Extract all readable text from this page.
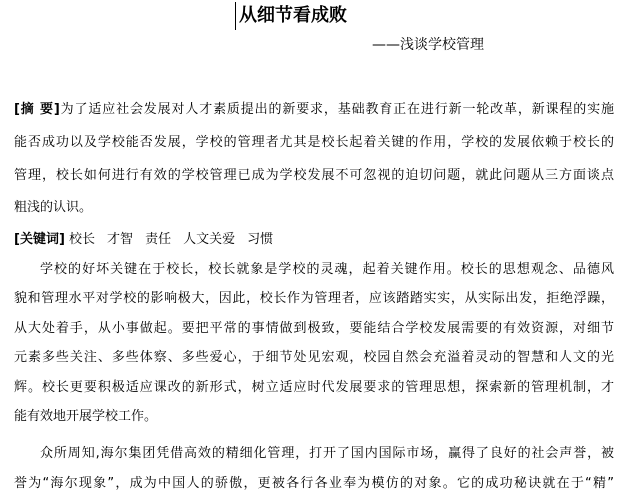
从细节看成败
——浅谈学校管理
[摘 要]为了适应社会发展对人才素质提出的新要求，基础教育正在进行新一轮改革，新课程的实施
能否成功以及学校能否发展，学校的管理者尤其是校长起着关键的作用，学校的发展依赖于校长的
管理，校长如何进行有效的学校管理已成为学校发展不可忽视的迫切问题，就此问题从三方面谈点
粗浅的认识。
[关键词] 校长 才智 责任 人文关爱 习惯
学校的好坏关键在于校长，校长就象是学校的灵魂，起着关键作用。校长的思想观念、品德风
貌和管理水平对学校的影响极大，因此，校长作为管理者，应该踏踏实实，从实际出发，拒绝浮躁，
从大处着手，从小事做起。要把平常的事情做到极致，要能结合学校发展需要的有效资源，对细节
元素多些关注、多些体察、多些爱心，于细节处见宏观，校园自然会充溢着灵动的智慧和人文的光
辉。校长更要积极适应课改的新形式，树立适应时代发展要求的管理思想，探索新的管理机制，才
能有效地开展学校工作。
众所周知,海尔集团凭借高效的精细化管理，打开了国内国际市场，赢得了良好的社会声誉，被
誉为“海尔现象”，成为中国人的骄傲，更被各行各业奉为模仿的对象。它的成功秘诀就在于“精”
